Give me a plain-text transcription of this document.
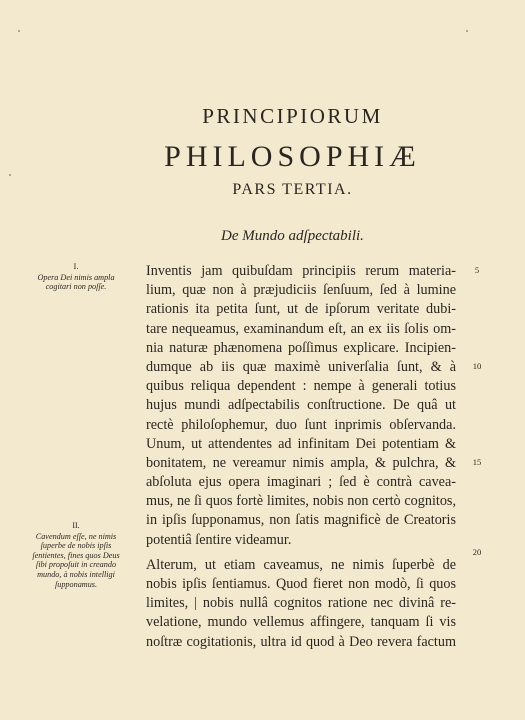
PRINCIPIORUM
PHILOSOPHIÆ
PARS TERTIA.
De Mundo adſpectabili.
I.
Opera Dei nimis ampla cogitari non poſſe.
II.
Cavendum eſſe, ne nimis ſuperbe de nobis ipſis ſentientes, fines quos Deus ſibi propoſuit in creando mundo, à nobis intelligi ſupponamus.
Inventis jam quibuſdam principiis rerum materia-
lium, quæ non à præjudiciis ſenſuum, ſed à lumine
rationis ita petita ſunt, ut de ipſorum veritate dubi-
tare nequeamus, examinandum eſt, an ex iis ſolis om-
nia naturæ phænomena poſſimus explicare. Incipien-
dumque ab iis quæ maximè univerſalia ſunt, & à
quibus reliqua dependent : nempe à generali totius
hujus mundi adſpectabilis conſtructione. De quâ ut
rectè philoſophemur, duo ſunt inprimis obſervanda.
Unum, ut attendentes ad infinitam Dei potentiam &
bonitatem, ne vereamur nimis ampla, & pulchra, &
abſoluta ejus opera imaginari ; ſed è contrà cavea-
mus, ne ſi quos fortè limites, nobis non certò cognitos,
in ipſis ſupponamus, non ſatis magnificè de Creatoris
potentiâ ſentire videamur.
Alterum, ut etiam caveamus, ne nimis ſuperbè de
nobis ipſis ſentiamus. Quod fieret non modò, ſi quos
limites, | nobis nullâ cognitos ratione nec divinâ re-
velatione, mundo vellemus affingere, tanquam ſi vis
noſtræ cogitationis, ultra id quod à Deo revera factum
5
10
15
20
